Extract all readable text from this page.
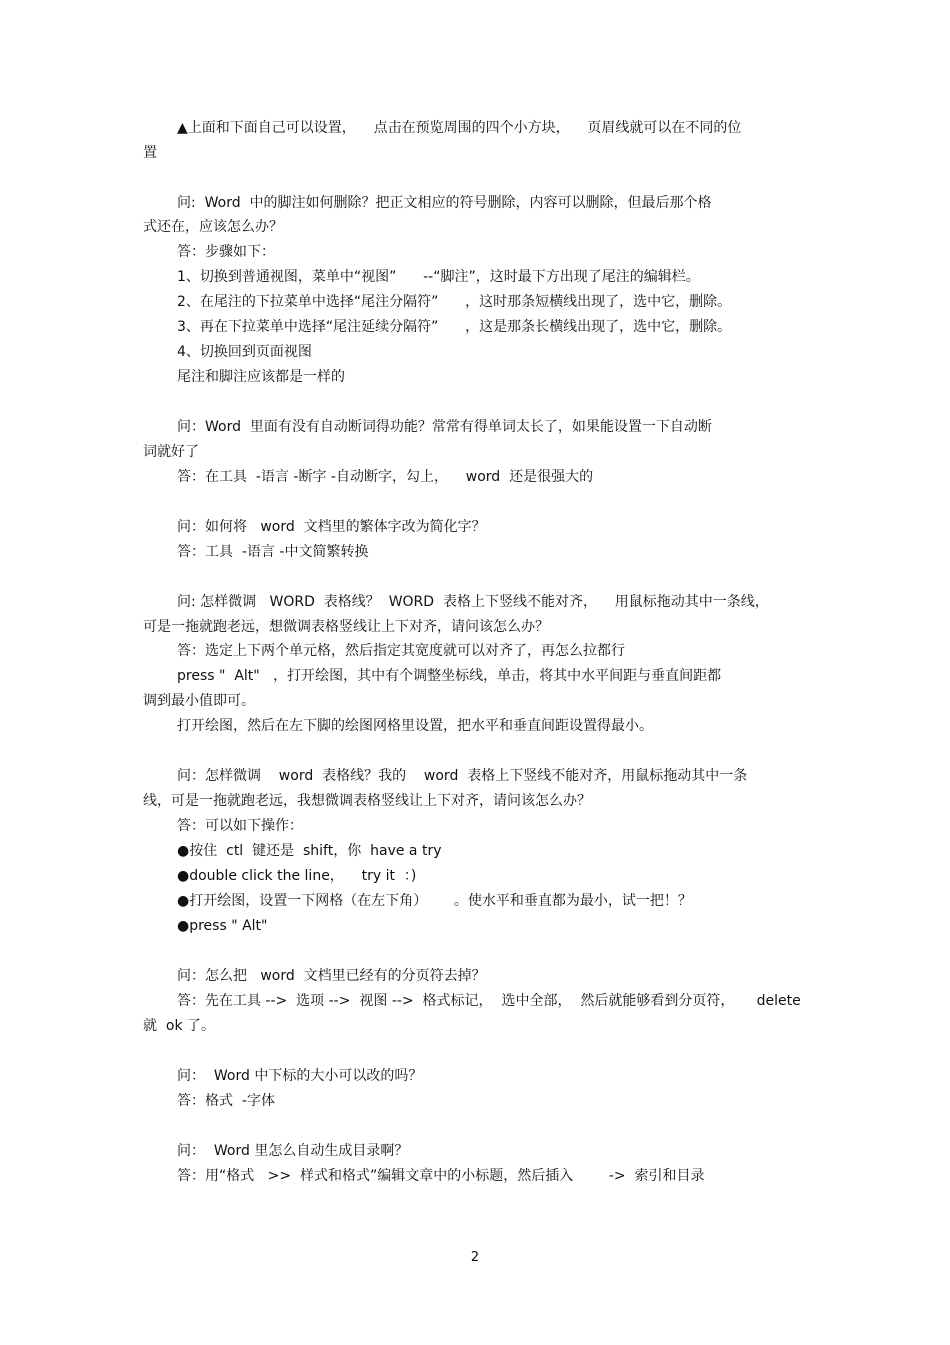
▲上面和下面自己可以设置，    点击在预览周围的四个小方块，    页眉线就可以在不同的位
置
问:  Word  中的脚注如何删除？把正文相应的符号删除，内容可以删除，但最后那个格
式还在，应该怎么办？
答：步骤如下：
1、切换到普通视图，菜单中“视图”      --“脚注”，这时最下方出现了尾注的编辑栏。
2、在尾注的下拉菜单中选择“尾注分隔符”      ，这时那条短横线出现了，选中它，删除。
3、再在下拉菜单中选择“尾注延续分隔符”      ，这是那条长横线出现了，选中它，删除。
4、切换回到页面视图
尾注和脚注应该都是一样的
问：Word  里面有没有自动断词得功能？常常有得单词太长了，如果能设置一下自动断
词就好了
答：在工具  -语言 -断字 -自动断字，勾上，    word  还是很强大的
问：如何将   word  文档里的繁体字改为简化字？
答：工具  -语言 -中文简繁转换
问: 怎样微调   WORD  表格线？  WORD  表格上下竖线不能对齐，    用鼠标拖动其中一条线，
可是一拖就跑老远，想微调表格竖线让上下对齐，请问该怎么办？
答：选定上下两个单元格，然后指定其宽度就可以对齐了，再怎么拉都行
press "  Alt"   ，打开绘图，其中有个调整坐标线，单击，将其中水平间距与垂直间距都
调到最小值即可。
打开绘图，然后在左下脚的绘图网格里设置，把水平和垂直间距设置得最小。
问：怎样微调    word  表格线？我的    word  表格上下竖线不能对齐，用鼠标拖动其中一条
线，可是一拖就跑老远，我想微调表格竖线让上下对齐，请问该怎么办？
答：可以如下操作：
●按住  ctl  键还是  shift，你  have a try
●double click the line，    try it  ：)
●打开绘图，设置一下网格（在左下角）      。使水平和垂直都为最小，试一把！？
●press " Alt"
问：怎么把   word  文档里已经有的分页符去掉？
答：先在工具 -->  选项 -->  视图 -->  格式标记，  选中全部，  然后就能够看到分页符，     delete
就  ok 了。
问：  Word 中下标的大小可以改的吗？
答：格式  -字体
问：  Word 里怎么自动生成目录啊？
答：用“格式   >>  样式和格式”编辑文章中的小标题，然后插入        ->  索引和目录
2
